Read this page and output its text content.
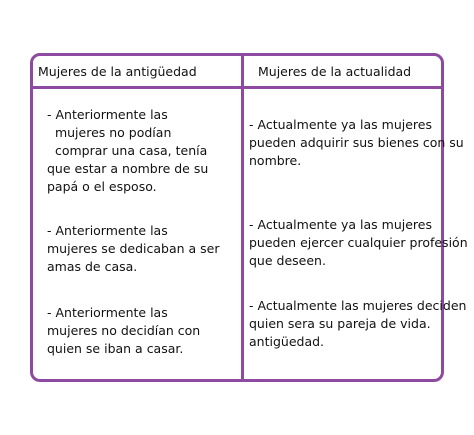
Mujeres de la antigüedad	Mujeres de la actualidad
- Anteriormente las
mujeres no podían
comprar una casa, tenía
que estar a nombre de su
papá o el esposo.
- Anteriormente las
mujeres se dedicaban a ser
amas de casa.
- Anteriormente las
mujeres no decidían con
quien se iban a casar.
- Actualmente ya las mujeres
pueden adquirir sus bienes con su
nombre.
- Actualmente ya las mujeres
pueden ejercer cualquier profesión
que deseen.
- Actualmente las mujeres deciden
quien sera su pareja de vida.
antigüedad.
